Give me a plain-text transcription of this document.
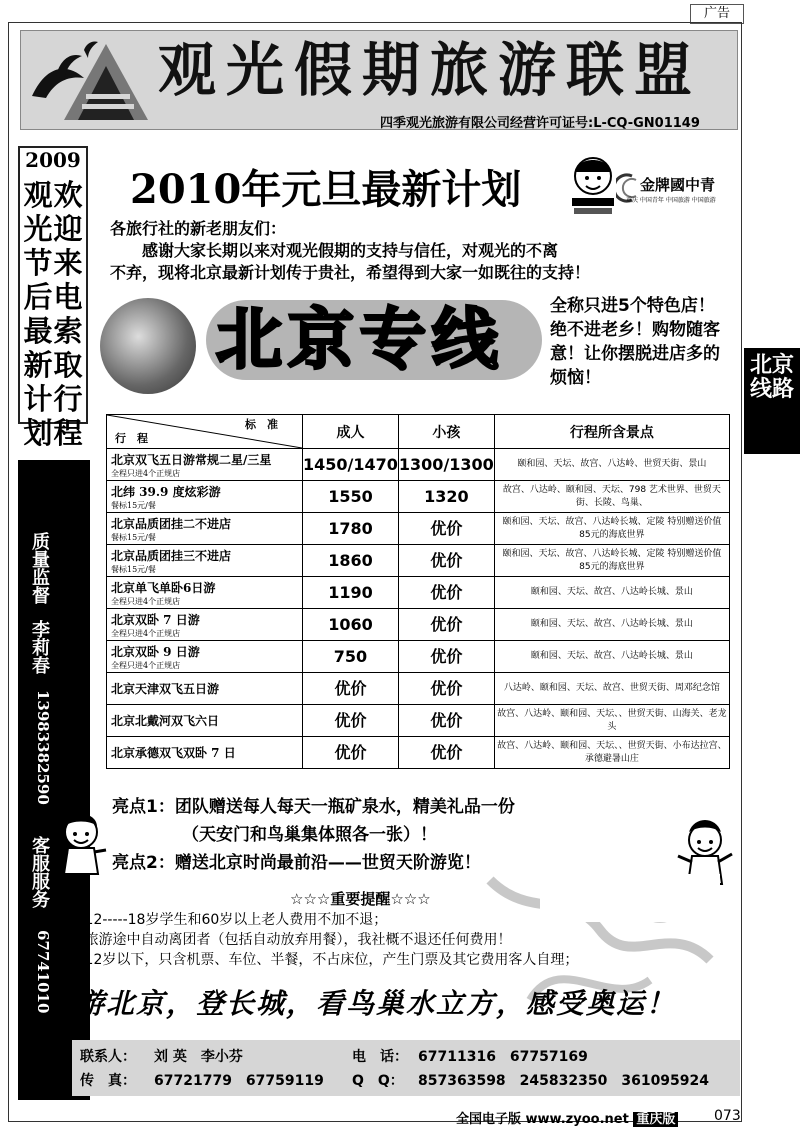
广告
观光假期旅游联盟
四季观光旅游有限公司经营许可证号:L-CQ-GN01149
2009
观光节后最新计划
欢迎来电索取行程
质量监督
李莉春
13983382590
客服服务
67741010
北京线路
2010年元旦最新计划	金牌國中青
重庆 中国青年 中国旅游 中国旅游
各旅行社的新老朋友们：
　　感谢大家长期以来对观光假期的支持与信任，对观光的不离
不弃，现将北京最新计划传于贵社，希望得到大家一如既往的支持！
北京专线	全称只进5个特色店！绝不进老乡！购物随客意！让你摆脱进店多的烦恼！
标　准
行　程	成人	小孩	行程所含景点

北京双飞五日游常规二星/三星
全程只进4个正规店	1450/1470	1300/1300	颐和园、天坛、故宫、八达岭、世贸天街、景山

北纬 39.9 度炫彩游
餐标15元/餐	1550	1320	故宫、八达岭、颐和园、天坛、798 艺术世界、世贸天街、长陵、鸟巢、

北京品质团挂二不进店
餐标15元/餐	1780	优价	颐和园、天坛、故宫、八达岭长城、定陵 特别赠送价值85元的海底世界

北京品质团挂三不进店
餐标15元/餐	1860	优价	颐和园、天坛、故宫、八达岭长城、定陵 特别赠送价值85元的海底世界

北京单飞单卧6日游
全程只进4个正规店	1190	优价	颐和园、天坛、故宫、八达岭长城、景山

北京双卧 7 日游
全程只进4个正规店	1060	优价	颐和园、天坛、故宫、八达岭长城、景山

北京双卧 9 日游
全程只进4个正规店	750	优价	颐和园、天坛、故宫、八达岭长城、景山

北京天津双飞五日游	优价	优价	八达岭、颐和园、天坛、故宫、世贸天街、周邓纪念馆

北京北戴河双飞六日	优价	优价	故宫、八达岭、颐和园、天坛、、世贸天街、山海关、老龙头

北京承德双飞双卧 7 日	优价	优价	故宫、八达岭、颐和园、天坛、、世贸天街、小布达拉宫、承德避暑山庄
亮点1：团队赠送每人每天一瓶矿泉水，精美礼品一份
（天安门和鸟巢集体照各一张）！
亮点2：赠送北京时尚最前沿——世贸天阶游览！
☆☆☆重要提醒☆☆☆
☆12-----18岁学生和60岁以上老人费用不加不退；
☆旅游途中自动离团者（包括自动放弃用餐），我社概不退还任何费用！
☆12岁以下，只含机票、车位、半餐，不占床位，产生门票及其它费用客人自理；
游北京，登长城，看鸟巢水立方，感受奥运！
联系人： 刘 英　李小芬	电　话： 67711316　67757169
传　真： 67721779　67759119 Q　Q： 857363598　245832350　361095924
全国电子版 www.zyoo.net 重庆版	073
